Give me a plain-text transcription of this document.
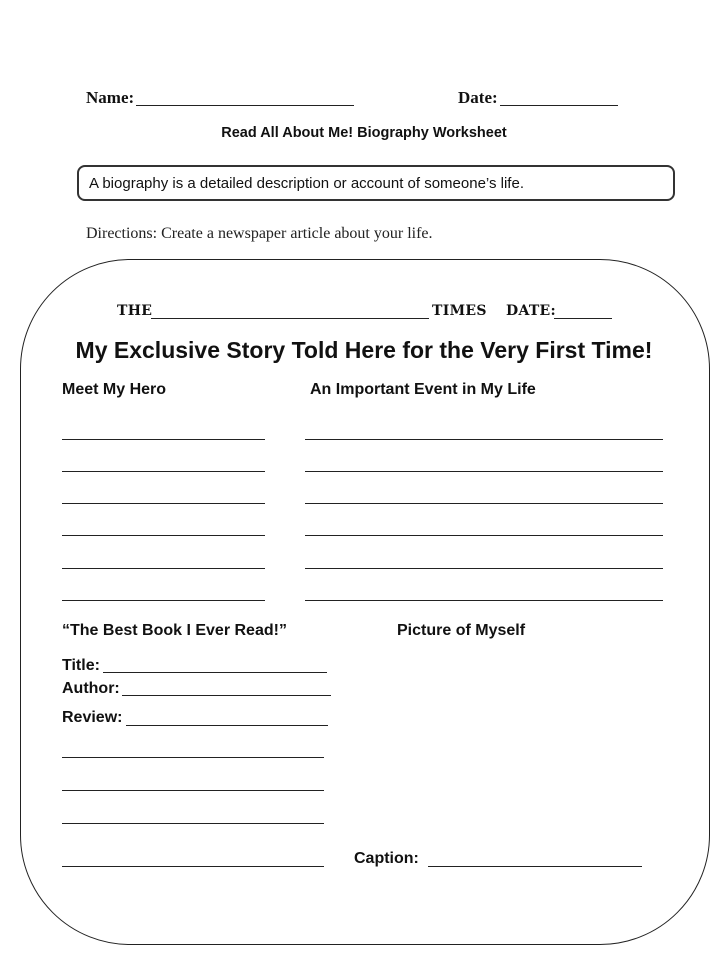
Name:	Date:
Read All About Me! Biography Worksheet
A biography is a detailed description or account of someone’s life.
Directions: Create a newspaper article about your life.
THE	TIMES DATE:
My Exclusive Story Told Here for the Very First Time!
Meet My Hero	An Important Event in My Life
“The Best Book I Ever Read!”
Title:
Author:
Review:
Picture of Myself
Caption:
